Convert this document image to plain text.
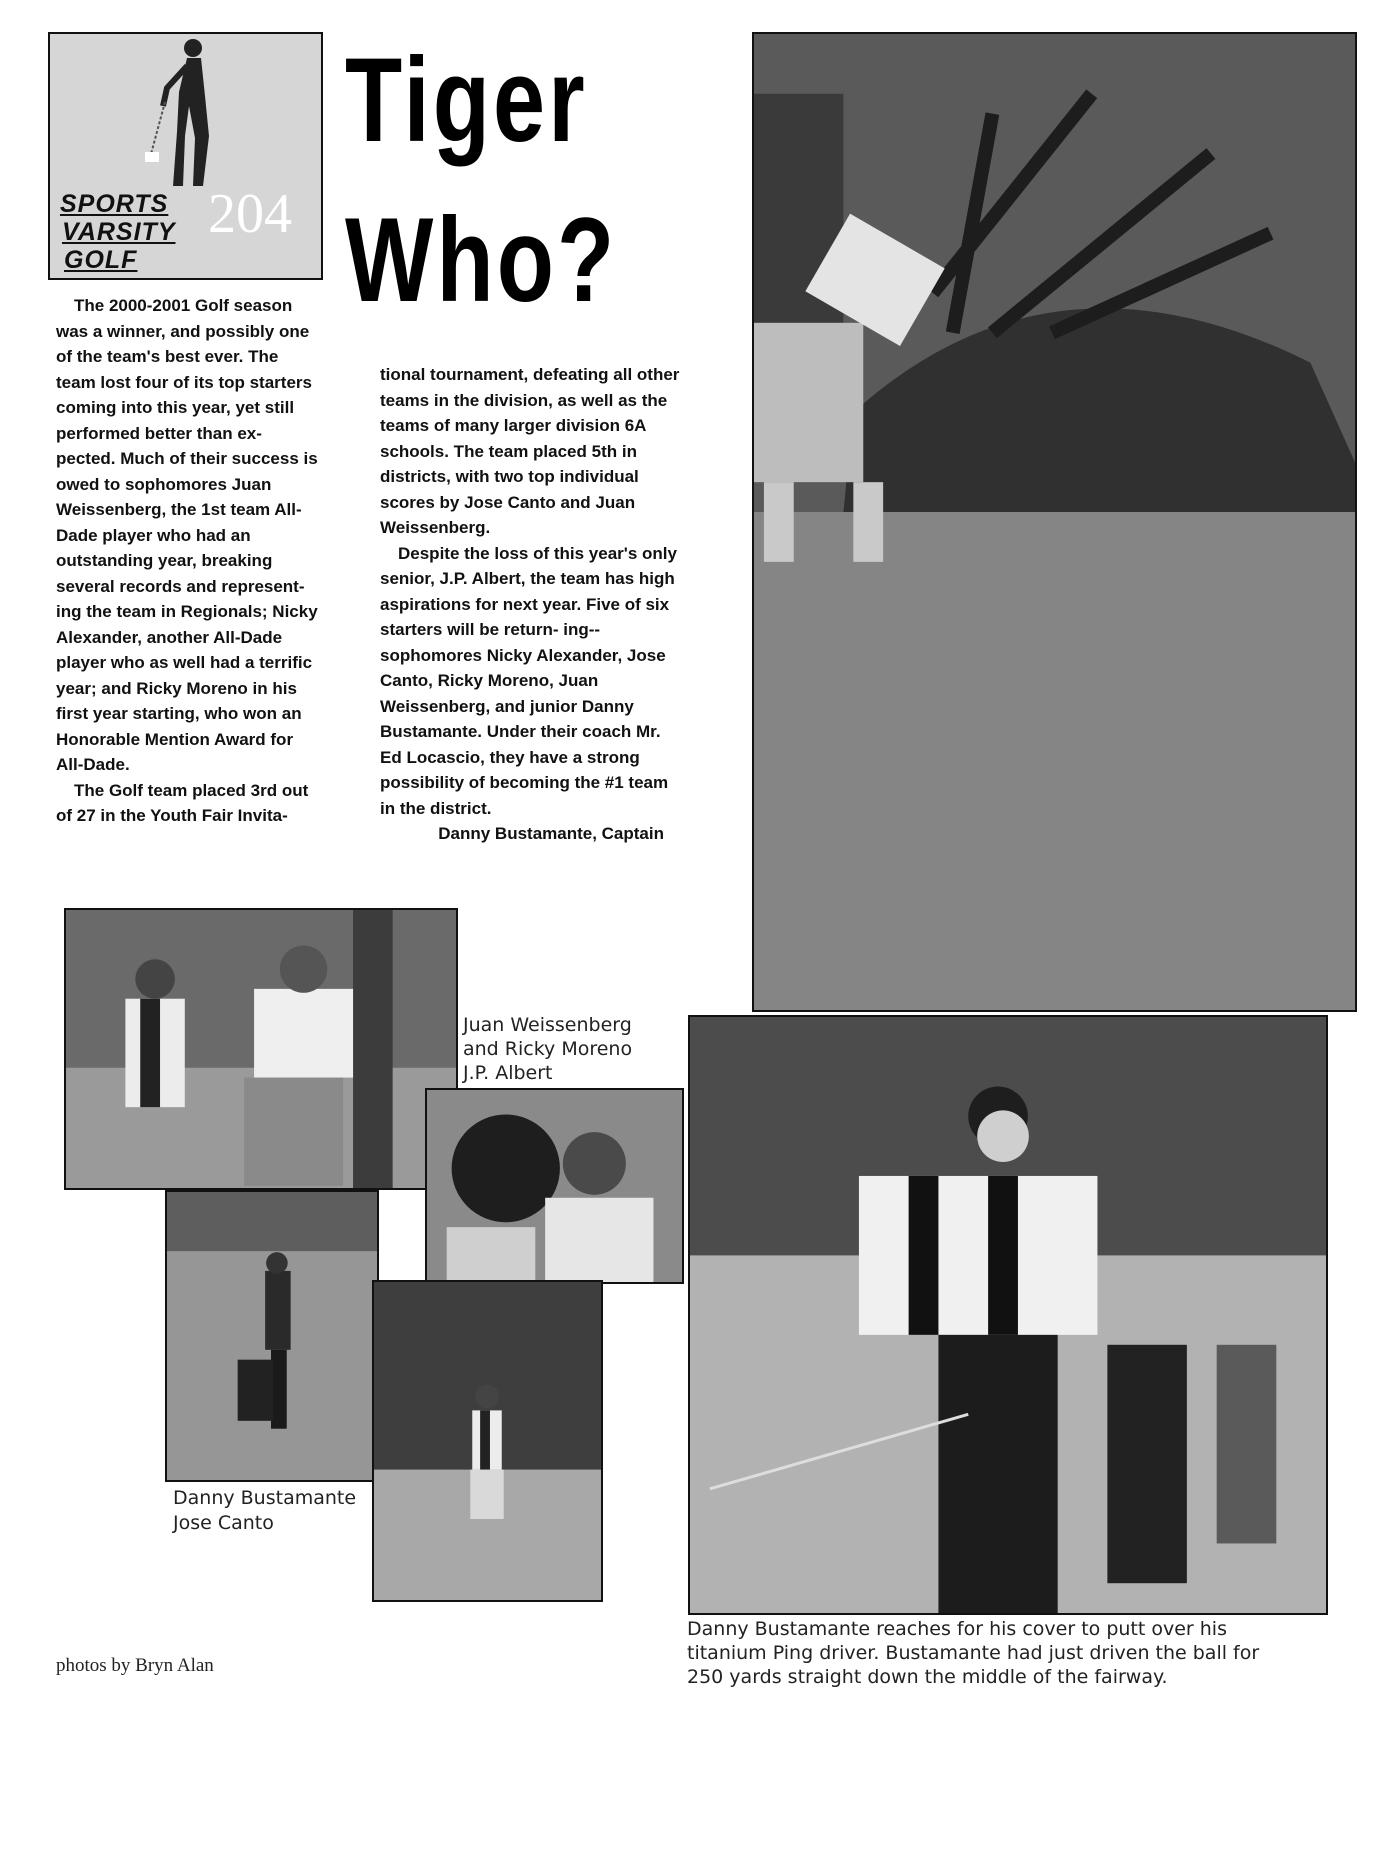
SPORTS
VARSITY
GOLF
204
Tiger
Who?

The 2000-2001 Golf season was a winner, and possibly one of the team's best ever. The team lost four of its top starters coming into this year, yet still performed better than ex- pected. Much of their success is owed to sophomores Juan Weissenberg, the 1st team All- Dade player who had an outstanding year, breaking several records and represent- ing the team in Regionals; Nicky Alexander, another All-Dade player who as well had a terrific year; and Ricky Moreno in his first year starting, who won an Honorable Mention Award for All-Dade.

The Golf team placed 3rd out of 27 in the Youth Fair Invita-

tional tournament, defeating all other teams in the division, as well as the teams of many larger division 6A schools. The team placed 5th in districts, with two top individual scores by Jose Canto and Juan Weissenberg.

Despite the loss of this year's only senior, J.P. Albert, the team has high aspirations for next year. Five of six starters will be return- ing-- sophomores Nicky Alexander, Jose Canto, Ricky Moreno, Juan Weissenberg, and junior Danny Bustamante. Under their coach Mr. Ed Locascio, they have a strong possibility of becoming the #1 team in the district.

Danny Bustamante, Captain

Juan Weissenberg
and Ricky Moreno
J.P. Albert
Danny Bustamante
Jose Canto
Danny Bustamante reaches for his cover to putt over his
titanium Ping driver. Bustamante had just driven the ball for
250 yards straight down the middle of the fairway.
photos by Bryn Alan
